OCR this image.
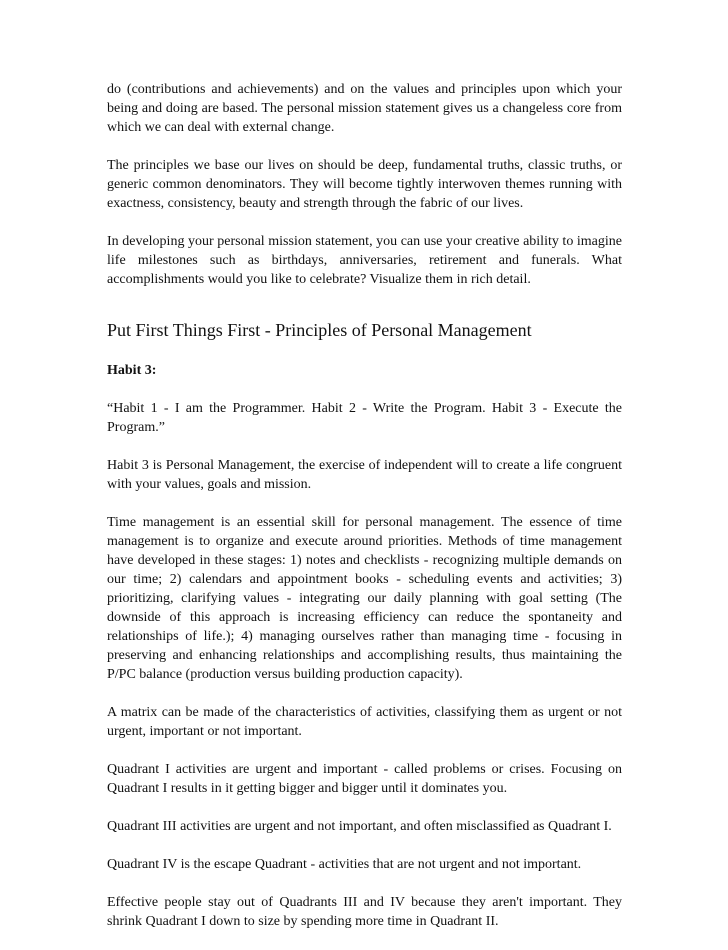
do (contributions and achievements) and on the values and principles upon which your being and doing are based. The personal mission statement gives us a changeless core from which we can deal with external change.

The principles we base our lives on should be deep, fundamental truths, classic truths, or generic common denominators. They will become tightly interwoven themes running with exactness, consistency, beauty and strength through the fabric of our lives.

In developing your personal mission statement, you can use your creative ability to imagine life milestones such as birthdays, anniversaries, retirement and funerals. What accomplishments would you like to celebrate? Visualize them in rich detail.

Put First Things First - Principles of Personal Management

Habit 3:

“Habit 1 - I am the Programmer. Habit 2 - Write the Program. Habit 3 - Execute the Program.”

Habit 3 is Personal Management, the exercise of independent will to create a life congruent with your values, goals and mission.

Time management is an essential skill for personal management. The essence of time management is to organize and execute around priorities. Methods of time management have developed in these stages: 1) notes and checklists - recognizing multiple demands on our time; 2) calendars and appointment books - scheduling events and activities; 3) prioritizing, clarifying values - integrating our daily planning with goal setting (The downside of this approach is increasing efficiency can reduce the spontaneity and relationships of life.); 4) managing ourselves rather than managing time - focusing in preserving and enhancing relationships and accomplishing results, thus maintaining the P/PC balance (production versus building production capacity).

A matrix can be made of the characteristics of activities, classifying them as urgent or not urgent, important or not important.

Quadrant I activities are urgent and important - called problems or crises. Focusing on Quadrant I results in it getting bigger and bigger until it dominates you.

Quadrant III activities are urgent and not important, and often misclassified as Quadrant I.

Quadrant IV is the escape Quadrant - activities that are not urgent and not important.

Effective people stay out of Quadrants III and IV because they aren't important. They shrink Quadrant I down to size by spending more time in Quadrant II.
